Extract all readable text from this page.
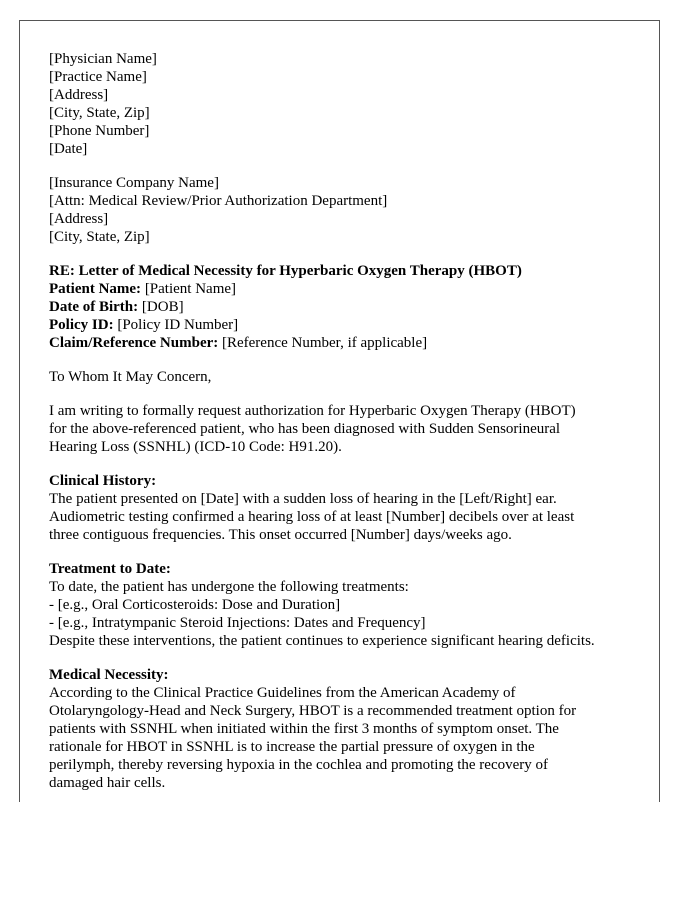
[Physician Name]
[Practice Name]
[Address]
[City, State, Zip]
[Phone Number]
[Date]
[Insurance Company Name]
[Attn: Medical Review/Prior Authorization Department]
[Address]
[City, State, Zip]
RE: Letter of Medical Necessity for Hyperbaric Oxygen Therapy (HBOT)
Patient Name: [Patient Name]
Date of Birth: [DOB]
Policy ID: [Policy ID Number]
Claim/Reference Number: [Reference Number, if applicable]
To Whom It May Concern,
I am writing to formally request authorization for Hyperbaric Oxygen Therapy (HBOT)
for the above-referenced patient, who has been diagnosed with Sudden Sensorineural
Hearing Loss (SSNHL) (ICD-10 Code: H91.20).
Clinical History:
The patient presented on [Date] with a sudden loss of hearing in the [Left/Right] ear.
Audiometric testing confirmed a hearing loss of at least [Number] decibels over at least
three contiguous frequencies. This onset occurred [Number] days/weeks ago.
Treatment to Date:
To date, the patient has undergone the following treatments:
- [e.g., Oral Corticosteroids: Dose and Duration]
- [e.g., Intratympanic Steroid Injections: Dates and Frequency]
Despite these interventions, the patient continues to experience significant hearing deficits.
Medical Necessity:
According to the Clinical Practice Guidelines from the American Academy of
Otolaryngology-Head and Neck Surgery, HBOT is a recommended treatment option for
patients with SSNHL when initiated within the first 3 months of symptom onset. The
rationale for HBOT in SSNHL is to increase the partial pressure of oxygen in the
perilymph, thereby reversing hypoxia in the cochlea and promoting the recovery of
damaged hair cells.
